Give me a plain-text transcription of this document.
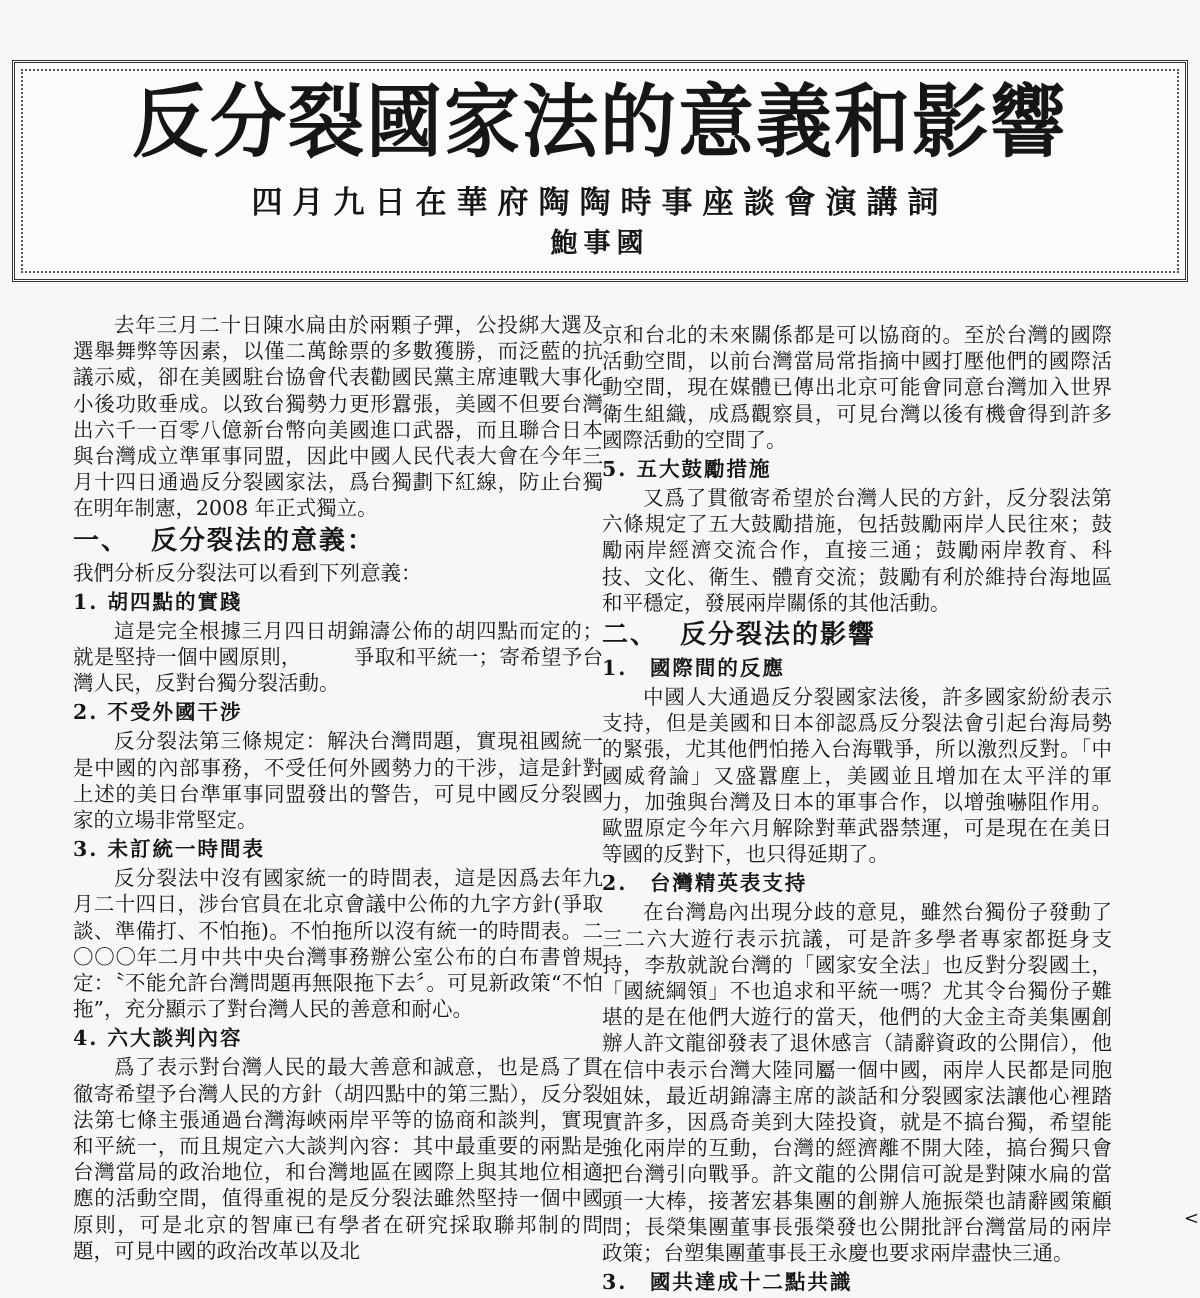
反分裂國家法的意義和影響
四月九日在華府陶陶時事座談會演講詞
鮑事國

去年三月二十日陳水扁由於兩顆子彈，公投綁大選及選舉舞弊等因素，以僅二萬餘票的多數獲勝，而泛藍的抗議示威，卻在美國駐台協會代表勸國民黨主席連戰大事化小後功敗垂成。以致台獨勢力更形囂張，美國不但要台灣出六千一百零八億新台幣向美國進口武器，而且聯合日本與台灣成立準軍事同盟，因此中國人民代表大會在今年三月十四日通過反分裂國家法，爲台獨劃下紅線，防止台獨在明年制憲，2008 年正式獨立。

一、 反分裂法的意義：

我們分析反分裂法可以看到下列意義：

1. 胡四點的實踐

這是完全根據三月四日胡錦濤公佈的胡四點而定的；就是堅持一個中國原則，　　　爭取和平統一；寄希望予台灣人民，反對台獨分裂活動。

2. 不受外國干涉

反分裂法第三條規定：解決台灣問題，實現祖國統一是中國的內部事務，不受任何外國勢力的干涉，這是針對上述的美日台準軍事同盟發出的警告，可見中國反分裂國家的立場非常堅定。

3. 未訂統一時間表

反分裂法中沒有國家統一的時間表，這是因爲去年九月二十四日，涉台官員在北京會議中公佈的九字方針(爭取談、準備打、不怕拖)。不怕拖所以沒有統一的時間表。二〇〇〇年二月中共中央台灣事務辦公室公布的白布書曾規定：〝不能允許台灣問題再無限拖下去〞。可見新政策“不怕拖”，充分顯示了對台灣人民的善意和耐心。

4. 六大談判內容

爲了表示對台灣人民的最大善意和誠意，也是爲了貫徹寄希望予台灣人民的方針（胡四點中的第三點），反分裂法第七條主張通過台灣海峽兩岸平等的協商和談判，實現和平統一，而且規定六大談判內容：其中最重要的兩點是台灣當局的政治地位，和台灣地區在國際上與其地位相適應的活動空間，值得重視的是反分裂法雖然堅持一個中國原則，可是北京的智庫已有學者在研究採取聯邦制的問題，可見中國的政治改革以及北

京和台北的未來關係都是可以協商的。至於台灣的國際活動空間，以前台灣當局常指摘中國打壓他們的國際活動空間，現在媒體已傳出北京可能會同意台灣加入世界衛生組織，成爲觀察員，可見台灣以後有機會得到許多國際活動的空間了。

5. 五大鼓勵措施

又爲了貫徹寄希望於台灣人民的方針，反分裂法第六條規定了五大鼓勵措施，包括鼓勵兩岸人民往來；鼓勵兩岸經濟交流合作，直接三通；鼓勵兩岸教育、科技、文化、衛生、體育交流；鼓勵有利於維持台海地區和平穩定，發展兩岸關係的其他活動。

二、 反分裂法的影響
1.　國際間的反應

中國人大通過反分裂國家法後，許多國家紛紛表示支持，但是美國和日本卻認爲反分裂法會引起台海局勢的緊張，尤其他們怕捲入台海戰爭，所以激烈反對。「中國威脅論」又盛囂塵上，美國並且增加在太平洋的軍力，加強與台灣及日本的軍事合作，以增強嚇阻作用。歐盟原定今年六月解除對華武器禁運，可是現在在美日等國的反對下，也只得延期了。

2.　台灣精英表支持

在台灣島內出現分歧的意見，雖然台獨份子發動了三二六大遊行表示抗議，可是許多學者專家都挺身支持，李敖就說台灣的「國家安全法」也反對分裂國土，「國統綱領」不也追求和平統一嗎？尤其令台獨份子難堪的是在他們大遊行的當天，他們的大金主奇美集團創辦人許文龍卻發表了退休感言（請辭資政的公開信），他在信中表示台灣大陸同屬一個中國，兩岸人民都是同胞姐妹，最近胡錦濤主席的談話和分裂國家法讓他心裡踏實許多，因爲奇美到大陸投資，就是不搞台獨，希望能強化兩岸的互動，台灣的經濟離不開大陸，搞台獨只會把台灣引向戰爭。許文龍的公開信可說是對陳水扁的當頭一大棒，接著宏碁集團的創辦人施振榮也請辭國策顧問；長榮集團董事長張榮發也公開批評台灣當局的兩岸政策；台塑集團董事長王永慶也要求兩岸盡快三通。

3.　國共達成十二點共識
<
